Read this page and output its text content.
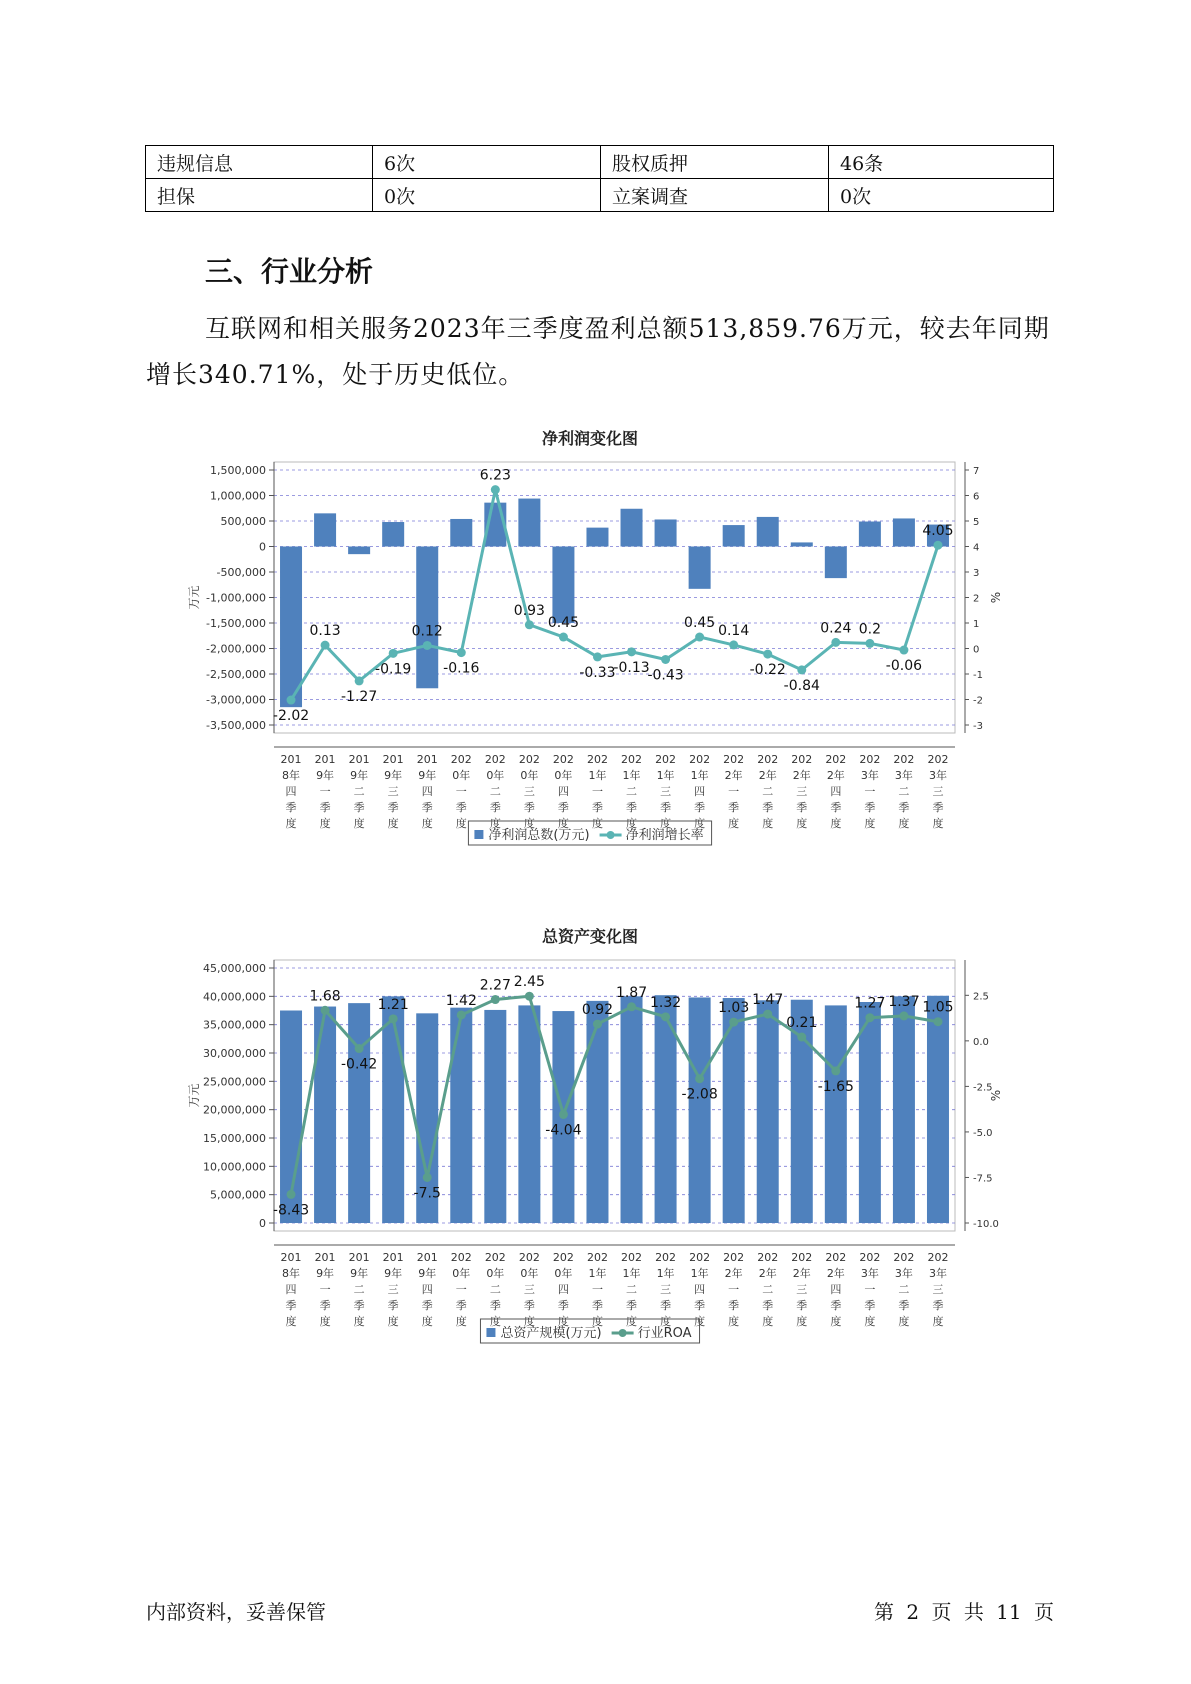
违规信息	6次	股权质押	46条
担保	0次	立案调查	0次
三、行业分析

互联网和相关服务2023年三季度盈利总额513,859.76万元，较去年同期增长340.71%，处于历史低位。

净利润变化图
1,500,000
1,000,000
500,000
0
-500,000
-1,000,000
-1,500,000
-2,000,000
-2,500,000
-3,000,000
-3,500,000
7
6
5
4
3
2
1
0
-1
-2
-3
万元	%
-2.02
0.13
-1.27
-0.19
0.12
-0.16
6.23
0.93
0.45
-0.33
-0.13
-0.43
0.45 0.14
-0.22
-0.84
0.24 0.2
-0.06
4.05
201 8年四季度
201 9年一季度
201 9年二季度
201 9年三季度
201 9年四季度
202 0年一季度
202 0年二季度
202 0年三季度
202 0年四季度
202 1年一季度
202 1年二季度
202 1年三季度
202 1年四季度
202 2年一季度
202 2年二季度
202 2年三季度
202 2年四季度
202 3年一季度
202 3年二季度
202 3年三季度
净利润总数(万元)	净利润增长率
总资产变化图
45,000,000
40,000,000
35,000,000
30,000,000
25,000,000
20,000,000
15,000,000
10,000,000
5,000,000
0
2.5
0.0
-2.5
-5.0
-7.5
-10.0
万元	%
-8.43
1.68
-0.42
1.21
-7.5
1.42
2.27 2.45
-4.04
0.92
1.87
1.32
-2.08
1.03
1.47
0.21
-1.65
1.27 1.37 1.05
201 8年四季度
201 9年一季度
201 9年二季度
201 9年三季度
201 9年四季度
202 0年一季度
202 0年二季度
202 0年三季度
202 0年四季度
202 1年一季度
202 1年二季度
202 1年三季度
202 1年四季度
202 2年一季度
202 2年二季度
202 2年三季度
202 2年四季度
202 3年一季度
202 3年二季度
202 3年三季度
总资产规模(万元)	行业ROA
内部资料，妥善保管	第 2 页 共 11 页
